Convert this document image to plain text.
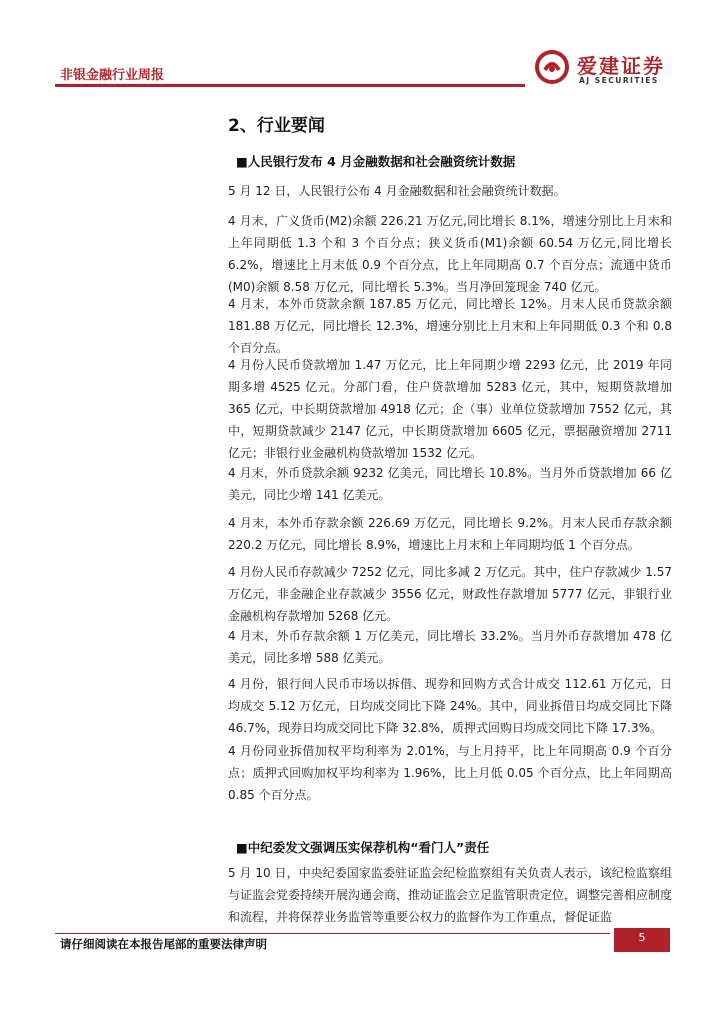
非银金融行业周报	爱建证券
AJ SECURITIES
2、行业要闻
■人民银行发布 4 月金融数据和社会融资统计数据

5 月 12 日，人民银行公布 4 月金融数据和社会融资统计数据。

4 月末，广义货币(M2)余额 226.21 万亿元,同比增长 8.1%，增速分别比上月末和上年同期低 1.3 个和 3 个百分点；狭义货币(M1)余额 60.54 万亿元,同比增长 6.2%，增速比上月末低 0.9 个百分点，比上年同期高 0.7 个百分点；流通中货币(M0)余额 8.58 万亿元，同比增长 5.3%。当月净回笼现金 740 亿元。

4 月末，本外币贷款余额 187.85 万亿元，同比增长 12%。月末人民币贷款余额 181.88 万亿元，同比增长 12.3%，增速分别比上月末和上年同期低 0.3 个和 0.8 个百分点。

4 月份人民币贷款增加 1.47 万亿元，比上年同期少增 2293 亿元，比 2019 年同期多增 4525 亿元。分部门看，住户贷款增加 5283 亿元，其中，短期贷款增加 365 亿元，中长期贷款增加 4918 亿元；企（事）业单位贷款增加 7552 亿元，其中，短期贷款减少 2147 亿元，中长期贷款增加 6605 亿元，票据融资增加 2711 亿元；非银行业金融机构贷款增加 1532 亿元。

4 月末，外币贷款余额 9232 亿美元，同比增长 10.8%。当月外币贷款增加 66 亿美元，同比少增 141 亿美元。

4 月末，本外币存款余额 226.69 万亿元，同比增长 9.2%。月末人民币存款余额 220.2 万亿元，同比增长 8.9%，增速比上月末和上年同期均低 1 个百分点。

4 月份人民币存款减少 7252 亿元，同比多减 2 万亿元。其中，住户存款减少 1.57 万亿元，非金融企业存款减少 3556 亿元，财政性存款增加 5777 亿元，非银行业金融机构存款增加 5268 亿元。

4 月末，外币存款余额 1 万亿美元，同比增长 33.2%。当月外币存款增加 478 亿美元，同比多增 588 亿美元。

4 月份，银行间人民币市场以拆借、现券和回购方式合计成交 112.61 万亿元，日均成交 5.12 万亿元，日均成交同比下降 24%。其中，同业拆借日均成交同比下降 46.7%，现券日均成交同比下降 32.8%，质押式回购日均成交同比下降 17.3%。

4 月份同业拆借加权平均利率为 2.01%，与上月持平，比上年同期高 0.9 个百分点；质押式回购加权平均利率为 1.96%，比上月低 0.05 个百分点，比上年同期高 0.85 个百分点。

■中纪委发文强调压实保荐机构“看门人”责任

5 月 10 日，中央纪委国家监委驻证监会纪检监察组有关负责人表示，该纪检监察组与证监会党委持续开展沟通会商，推动证监会立足监管职责定位，调整完善相应制度和流程，并将保荐业务监管等重要公权力的监督作为工作重点，督促证监

请仔细阅读在本报告尾部的重要法律声明	5
